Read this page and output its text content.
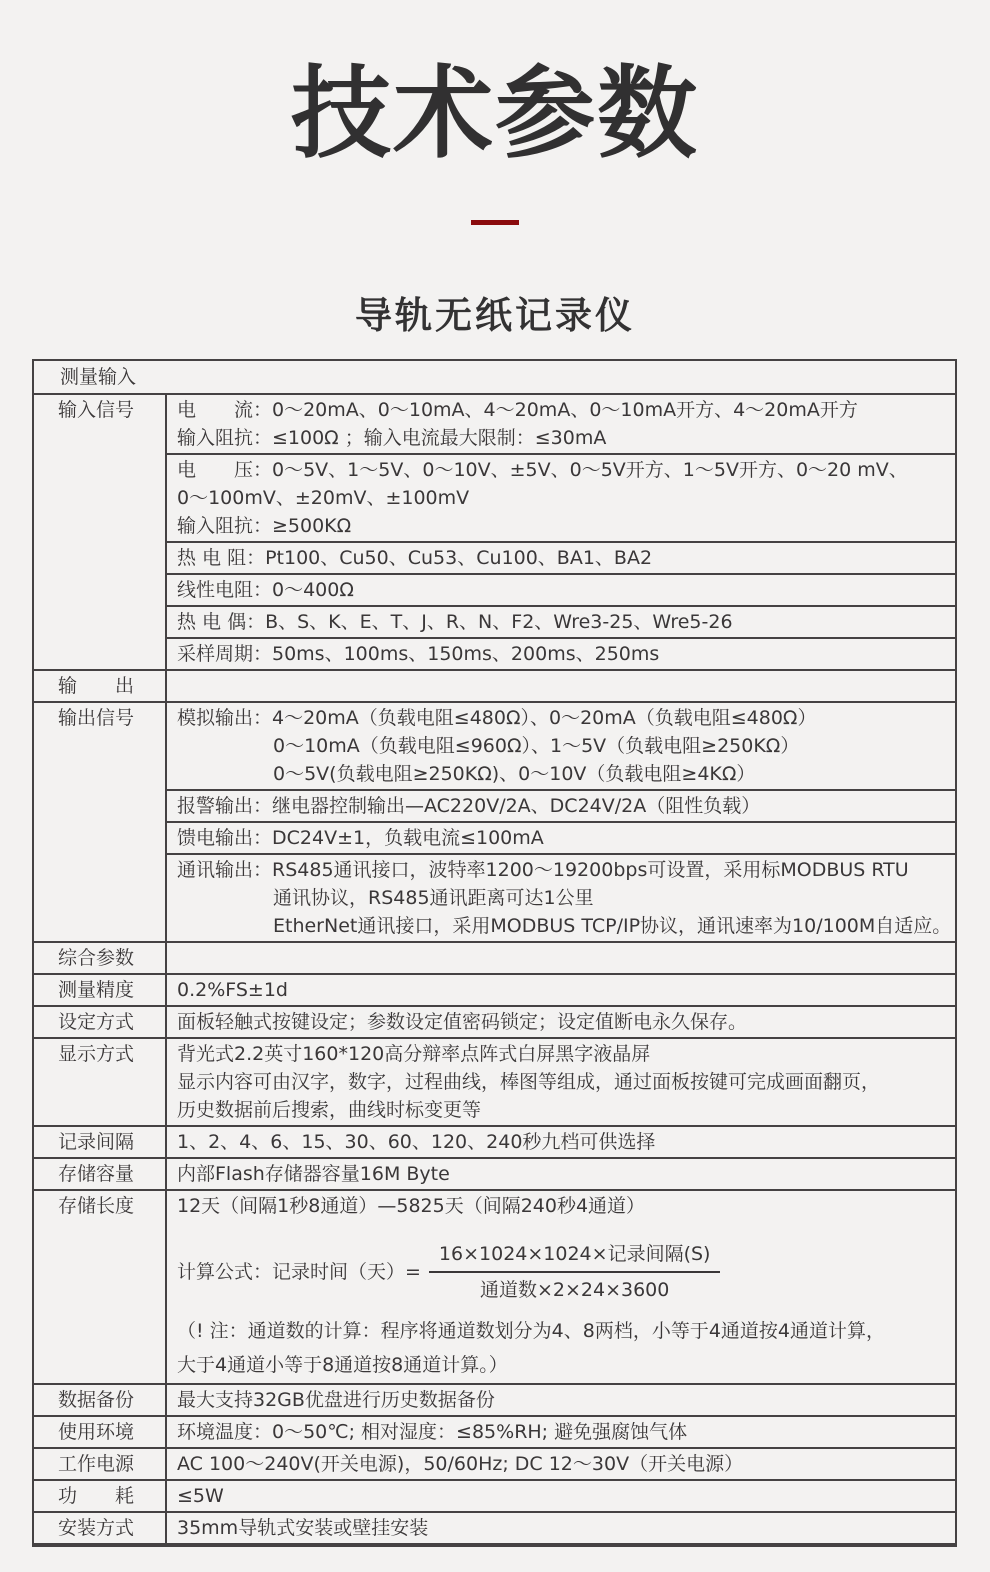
技术参数
导轨无纸记录仪
测量输入
输入信号	电　　流：0～20mA、0～10mA、4～20mA、0～10mA开方、4～20mA开方
输入阻抗：≤100Ω ；输入电流最大限制：≤30mA
电　　压：0～5V、1～5V、0～10V、±5V、0～5V开方、1～5V开方、0～20 mV、
0～100mV、±20mV、±100mV
输入阻抗：≥500KΩ
热 电 阻：Pt100、Cu50、Cu53、Cu100、BA1、BA2
线性电阻：0～400Ω
热 电 偶：B、S、K、E、T、J、R、N、F2、Wre3-25、Wre5-26
采样周期：50ms、100ms、150ms、200ms、250ms
输　　出
输出信号	模拟输出：4～20mA（负载电阻≤480Ω）、0～20mA（负载电阻≤480Ω）
0～10mA（负载电阻≤960Ω）、1～5V（负载电阻≥250KΩ）
0～5V(负载电阻≥250KΩ)、0～10V（负载电阻≥4KΩ）
报警输出：继电器控制输出—AC220V/2A、DC24V/2A（阻性负载）
馈电输出：DC24V±1，负载电流≤100mA
通讯输出：RS485通讯接口，波特率1200～19200bps可设置，采用标MODBUS RTU
通讯协议，RS485通讯距离可达1公里
EtherNet通讯接口，采用MODBUS TCP/IP协议，通讯速率为10/100M自适应。
综合参数
测量精度	0.2%FS±1d
设定方式	面板轻触式按键设定；参数设定值密码锁定；设定值断电永久保存。
显示方式	背光式2.2英寸160*120高分辩率点阵式白屏黑字液晶屏
显示内容可由汉字，数字，过程曲线，棒图等组成，通过面板按键可完成画面翻页，
历史数据前后搜索，曲线时标变更等
记录间隔	1、2、4、6、15、30、60、120、240秒九档可供选择
存储容量	内部Flash存储器容量16M Byte
存储长度	12天（间隔1秒8通道）—5825天（间隔240秒4通道）
计算公式：记录时间（天）= $\frac{\text{16×1024×1024×记录间隔(S)}}{\text{通道数×2×24×3600}}$
（! 注：通道数的计算：程序将通道数划分为4、8两档，小等于4通道按4通道计算，
大于4通道小等于8通道按8通道计算。）
数据备份	最大支持32GB优盘进行历史数据备份
使用环境	环境温度：0～50℃; 相对湿度：≤85%RH; 避免强腐蚀气体
工作电源	AC 100～240V(开关电源)，50/60Hz; DC 12～30V（开关电源）
功　　耗	≤5W
安装方式	35mm导轨式安装或壁挂安装
